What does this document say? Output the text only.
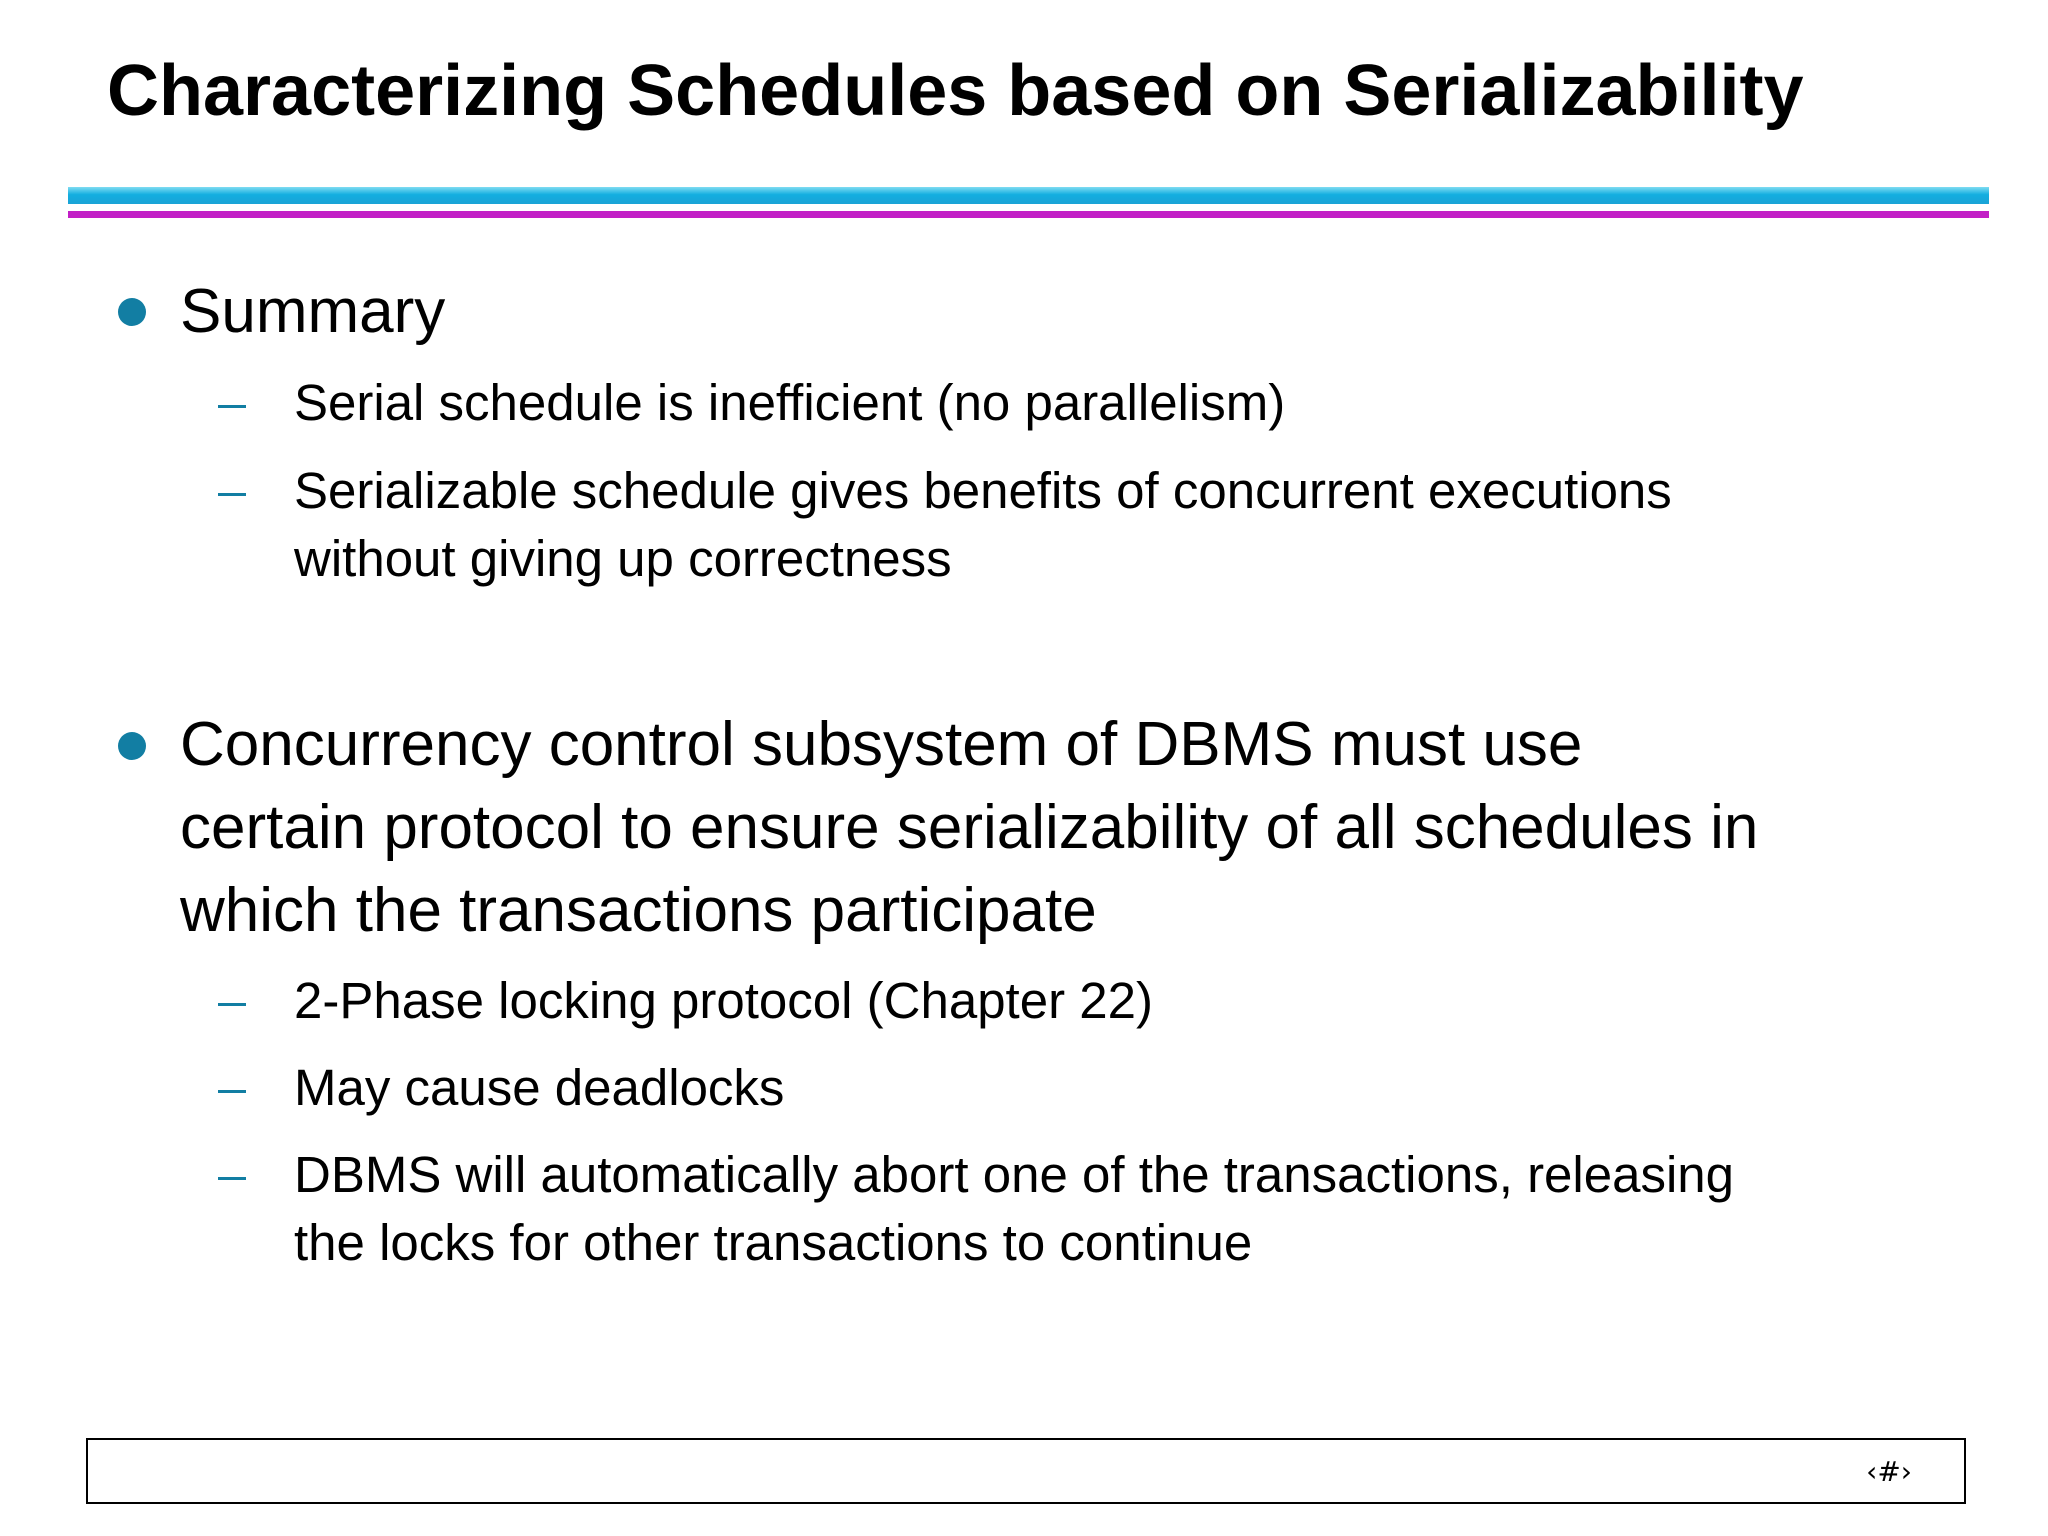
Characterizing Schedules based on Serializability
Summary
Serial schedule is inefficient (no parallelism)
Serializable schedule gives benefits of concurrent executions
without giving up correctness
Concurrency control subsystem of DBMS must use
certain protocol to ensure serializability of all schedules in
which the transactions participate
2-Phase locking protocol (Chapter 22)
May cause deadlocks
DBMS will automatically abort one of the transactions, releasing
the locks for other transactions to continue
‹#›
